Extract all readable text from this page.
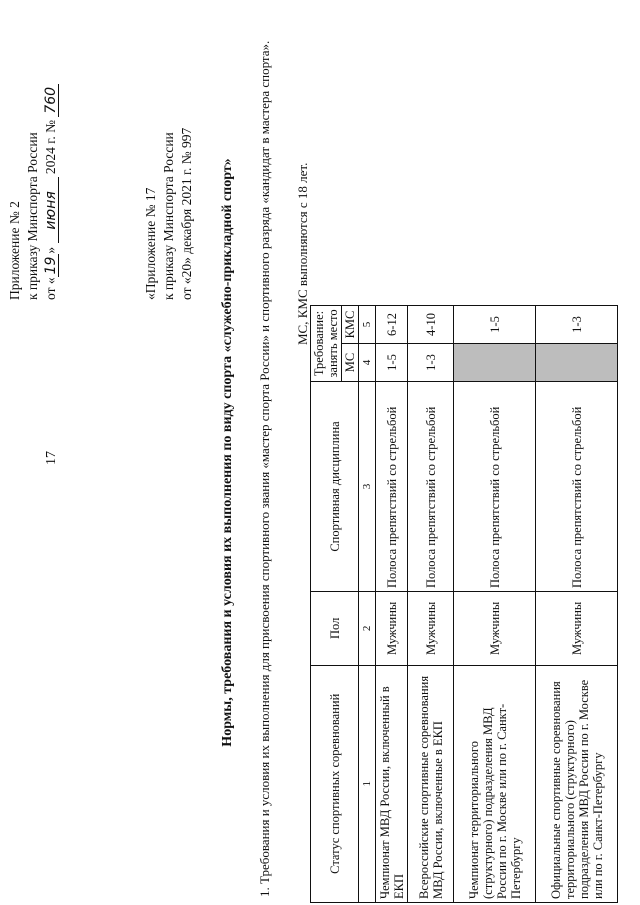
17
Приложение № 2 к приказу Минспорта России от «19» июня 2024 г. № 760
«Приложение № 17 к приказу Минспорта России от «20» декабря 2021 г. № 997 Нормы, требования и условия их выполнения по виду спорта «служебно-прикладной спорт» 1. Требования и условия их выполнения для присвоения спортивного звания «мастер спорта России» и спортивного разряда «кандидат в мастера спорта». МС, КМС выполняются с 18 лет.
Статус спортивных соревнований	Пол	Спортивная дисциплина	Требование: занять место	
			МС	КМС
1	2	3	4	5
Чемпионат МВД России, включенный в ЕКП	Мужчины	Полоса препятствий со стрельбой	1-5	6-12
Всероссийские спортивные соревнования МВД России, включенные в ЕКП	Мужчины	Полоса препятствий со стрельбой	1-3	4-10
Чемпионат территориального (структурного) подразделения МВД России по г. Москве или по г. Санкт-Петербургу	Мужчины	Полоса препятствий со стрельбой		1-5
Официальные спортивные соревнования территориального (структурного) подразделения МВД России по г. Москве или по г. Санкт-Петербургу	Мужчины	Полоса препятствий со стрельбой		1-3
